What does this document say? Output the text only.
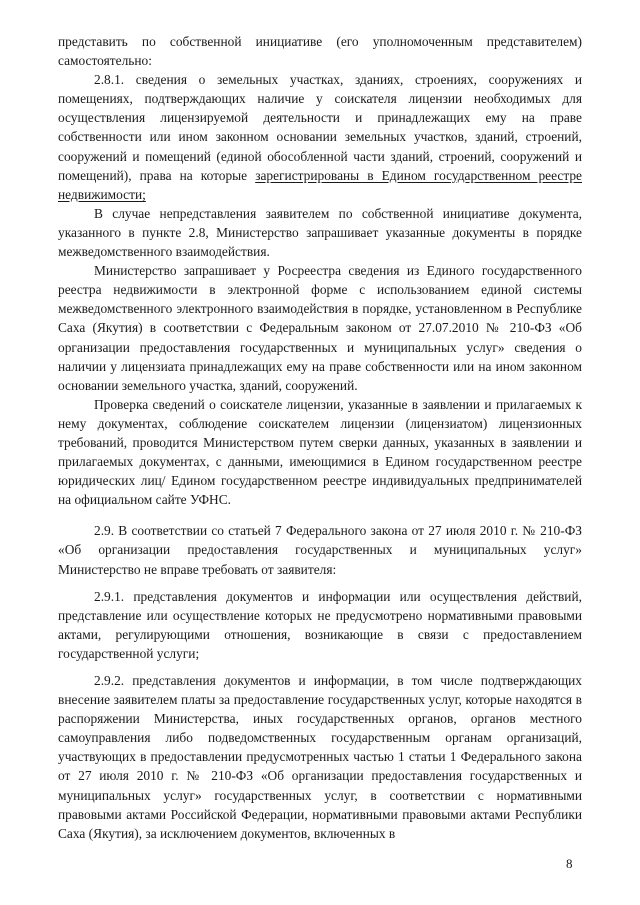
представить по собственной инициативе (его уполномоченным представителем) самостоятельно:

2.8.1. сведения о земельных участках, зданиях, строениях, сооружениях и помещениях, подтверждающих наличие у соискателя лицензии необходимых для осуществления лицензируемой деятельности и принадлежащих ему на праве собственности или ином законном основании земельных участков, зданий, строений, сооружений и помещений (единой обособленной части зданий, строений, сооружений и помещений), права на которые зарегистрированы в Едином государственном реестре недвижимости;

В случае непредставления заявителем по собственной инициативе документа, указанного в пункте 2.8, Министерство запрашивает указанные документы в порядке межведомственного взаимодействия.

Министерство запрашивает у Росреестра сведения из Единого государственного реестра недвижимости в электронной форме с использованием единой системы межведомственного электронного взаимодействия в порядке, установленном в Республике Саха (Якутия) в соответствии с Федеральным законом от 27.07.2010 № 210-ФЗ «Об организации предоставления государственных и муниципальных услуг» сведения о наличии у лицензиата принадлежащих ему на праве собственности или на ином законном основании земельного участка, зданий, сооружений.

Проверка сведений о соискателе лицензии, указанные в заявлении и прилагаемых к нему документах, соблюдение соискателем лицензии (лицензиатом) лицензионных требований, проводится Министерством путем сверки данных, указанных в заявлении и прилагаемых документах, с данными, имеющимися в Едином государственном реестре юридических лиц/ Едином государственном реестре индивидуальных предпринимателей на официальном сайте УФНС.

2.9. В соответствии со статьей 7 Федерального закона от 27 июля 2010 г. № 210-ФЗ «Об организации предоставления государственных и муниципальных услуг» Министерство не вправе требовать от заявителя:

2.9.1. представления документов и информации или осуществления действий, представление или осуществление которых не предусмотрено нормативными правовыми актами, регулирующими отношения, возникающие в связи с предоставлением государственной услуги;

2.9.2. представления документов и информации, в том числе подтверждающих внесение заявителем платы за предоставление государственных услуг, которые находятся в распоряжении Министерства, иных государственных органов, органов местного самоуправления либо подведомственных государственным органам организаций, участвующих в предоставлении предусмотренных частью 1 статьи 1 Федерального закона от 27 июля 2010 г. № 210-ФЗ «Об организации предоставления государственных и муниципальных услуг» государственных услуг, в соответствии с нормативными правовыми актами Российской Федерации, нормативными правовыми актами Республики Саха (Якутия), за исключением документов, включенных в

8
